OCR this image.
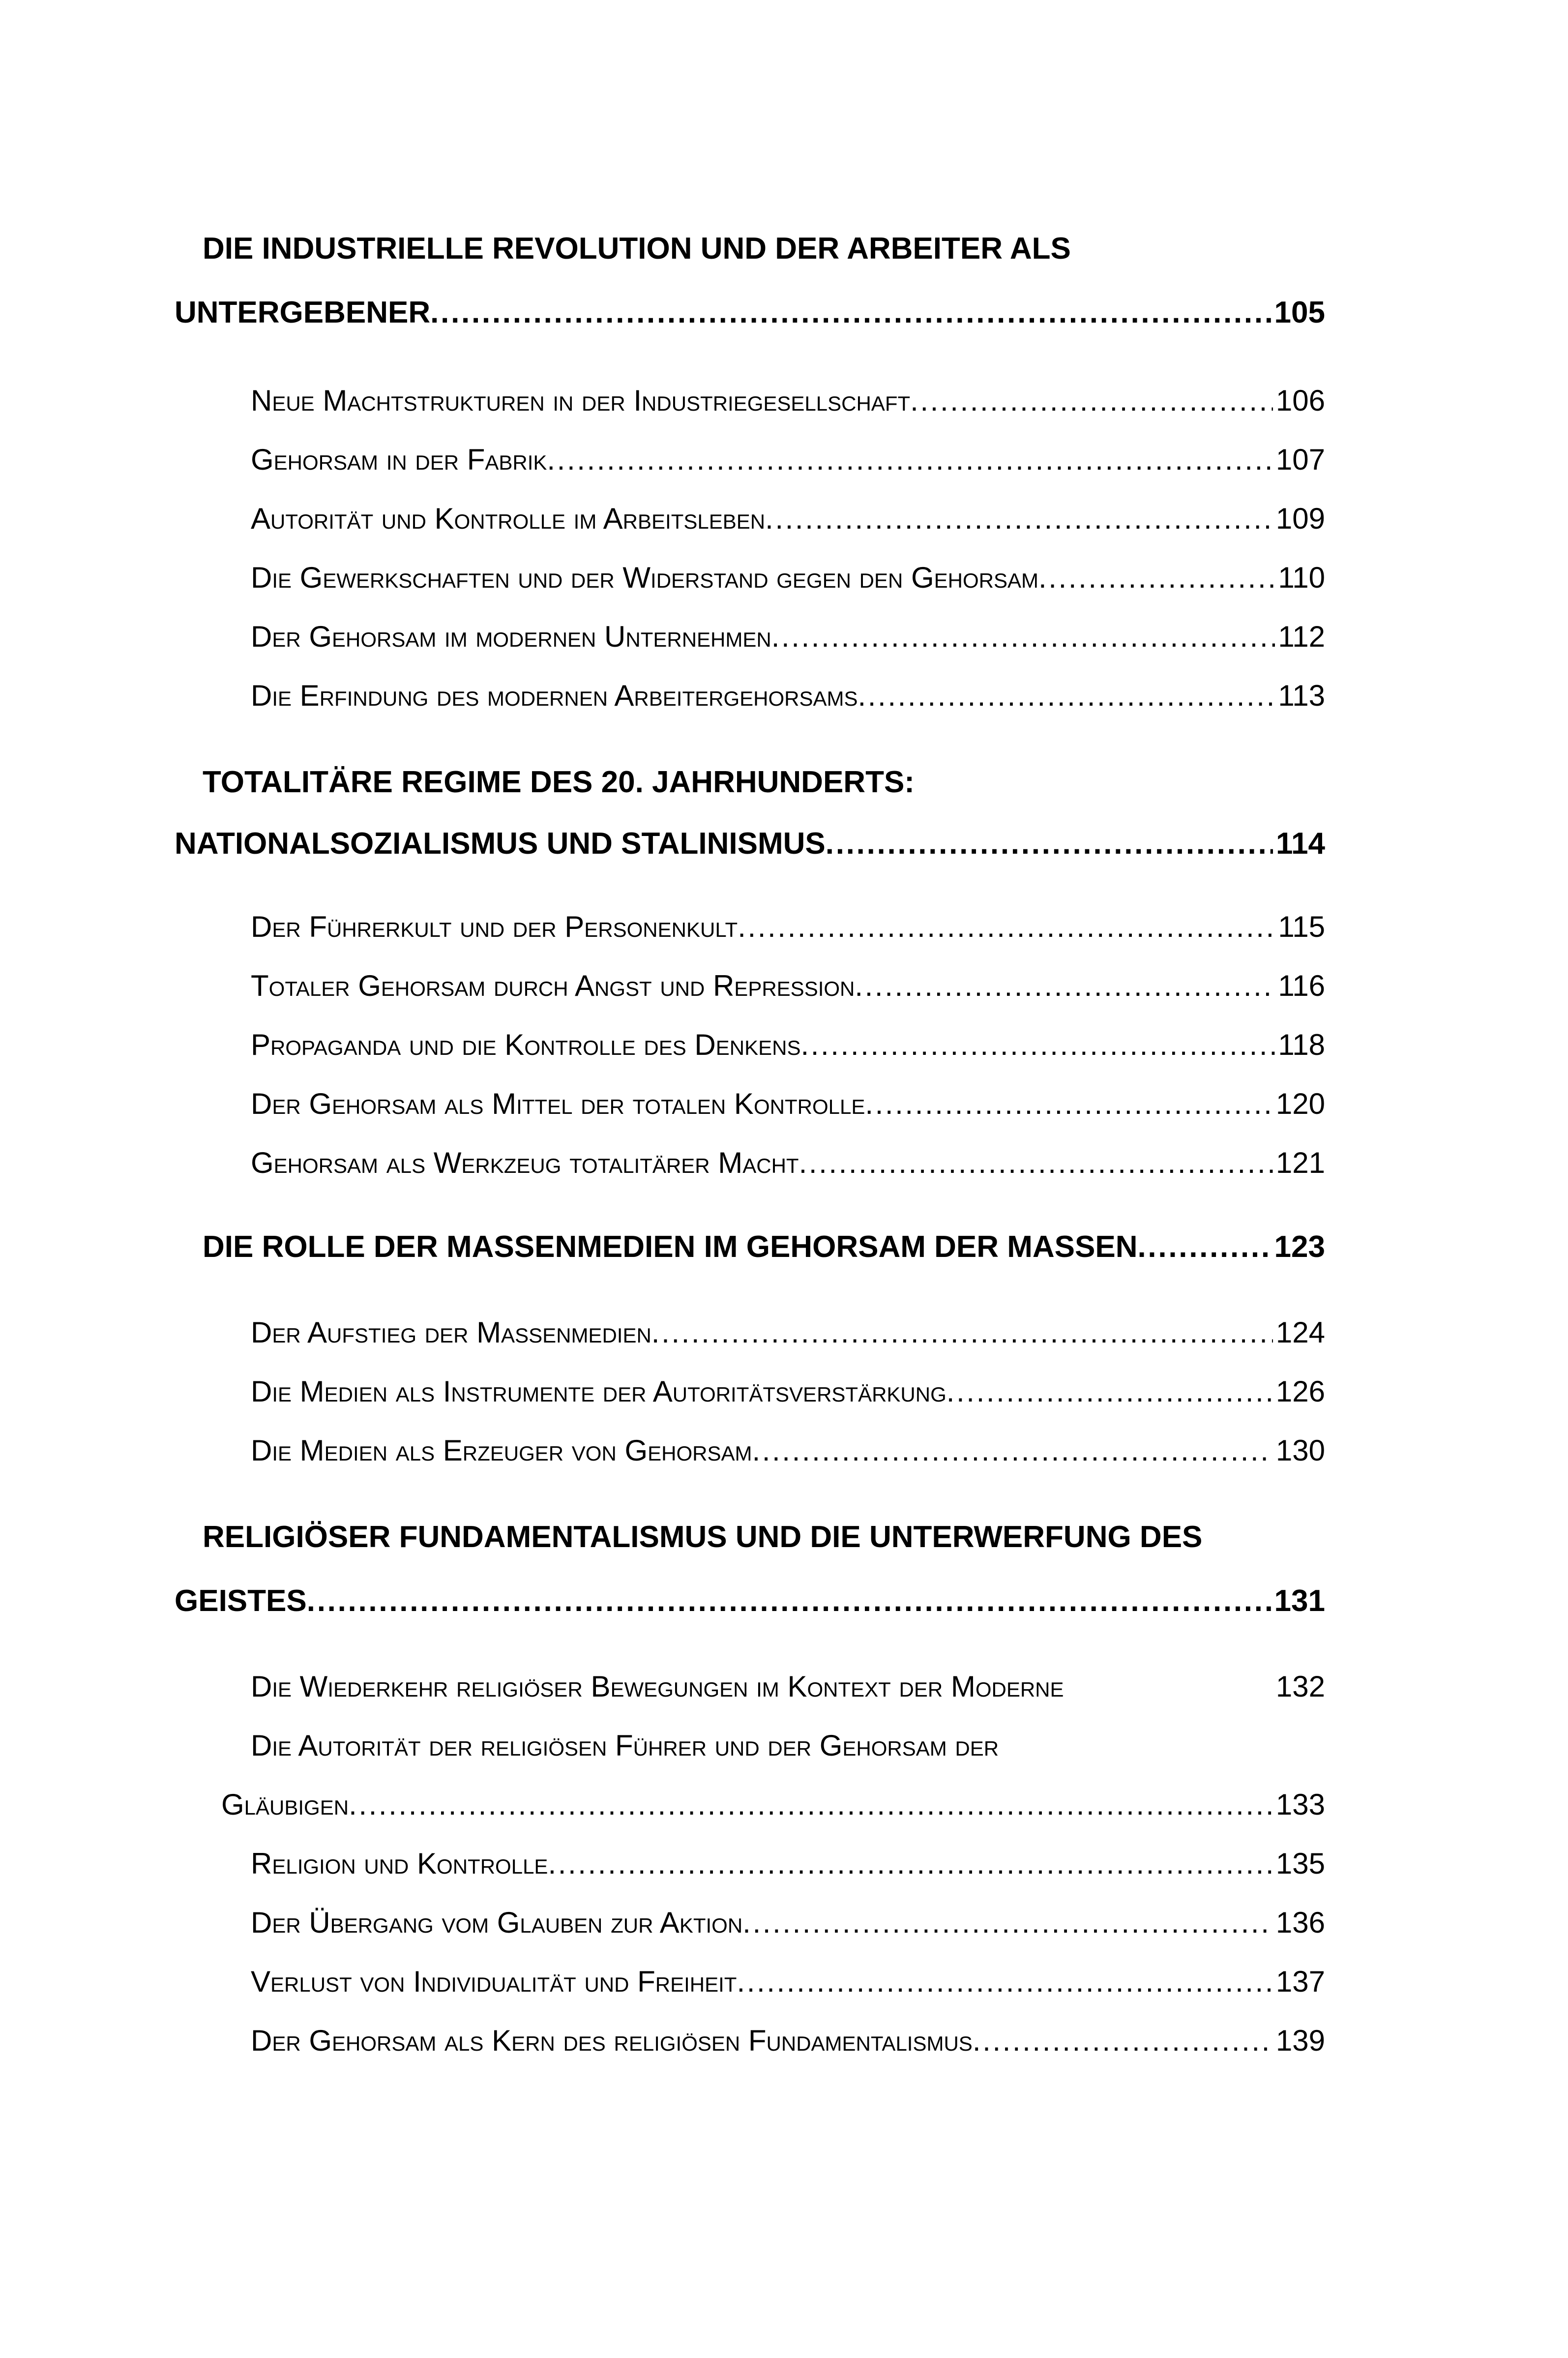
DIE INDUSTRIELLE REVOLUTION UND DER ARBEITER ALS
UNTERGEBENER .....	105
Neue Machtstrukturen in der Industriegesellschaft .....	106
Gehorsam in der Fabrik .....	107
Autorität und Kontrolle im Arbeitsleben .....	109
Die Gewerkschaften und der Widerstand gegen den Gehorsam .....	110
Der Gehorsam im modernen Unternehmen .....	112
Die Erfindung des modernen Arbeitergehorsams .....	113
TOTALITÄRE REGIME DES 20. JAHRHUNDERTS:
NATIONALSOZIALISMUS UND STALINISMUS .....	114
Der Führerkult und der Personenkult .....	115
Totaler Gehorsam durch Angst und Repression .....	116
Propaganda und die Kontrolle des Denkens .....	118
Der Gehorsam als Mittel der totalen Kontrolle .....	120
Gehorsam als Werkzeug totalitärer Macht .....	121
DIE ROLLE DER MASSENMEDIEN IM GEHORSAM DER MASSEN .....	123
Der Aufstieg der Massenmedien .....	124
Die Medien als Instrumente der Autoritätsverstärkung .....	126
Die Medien als Erzeuger von Gehorsam .....	130
RELIGIÖSER FUNDAMENTALISMUS UND DIE UNTERWERFUNG DES
GEISTES .....	131
Die Wiederkehr religiöser Bewegungen im Kontext der Moderne	132
Die Autorität der religiösen Führer und der Gehorsam der
Gläubigen .....	133
Religion und Kontrolle .....	135
Der Übergang vom Glauben zur Aktion .....	136
Verlust von Individualität und Freiheit .....	137
Der Gehorsam als Kern des religiösen Fundamentalismus .....	139
